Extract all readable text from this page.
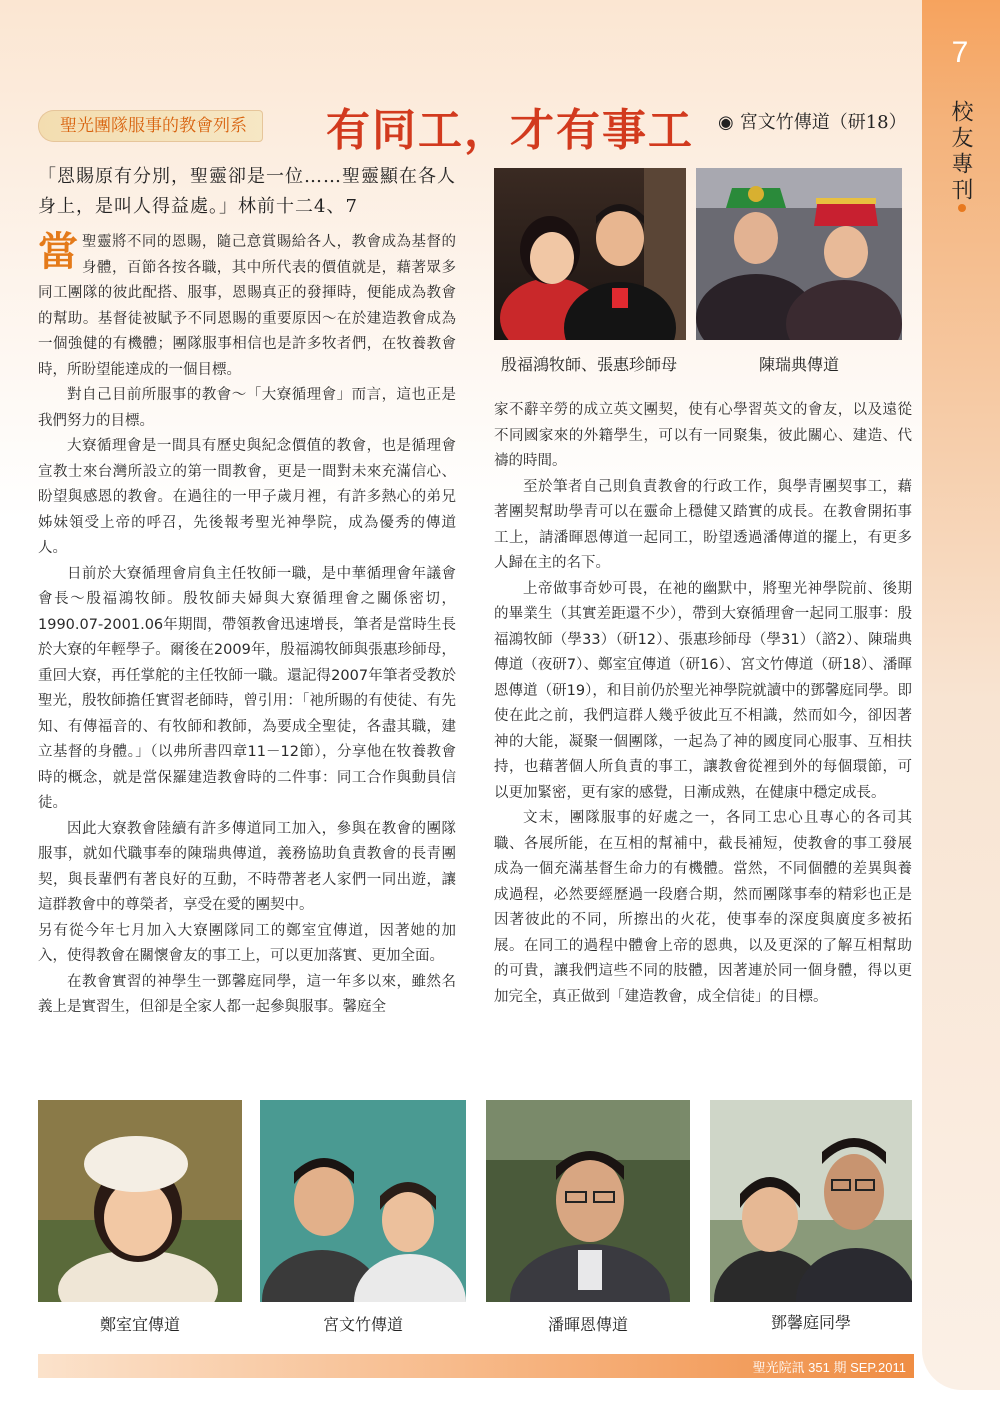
7
校友專刊
聖光團隊服事的教會列系	有同工，才有事工 ◉ 宮文竹傳道（研18）
「恩賜原有分別，聖靈卻是一位……聖靈顯在各人身上，是叫人得益處。」林前十二4、7
殷福鴻牧師、張惠珍師母	陳瑞典傳道

當聖靈將不同的恩賜，隨己意賞賜給各人，教會成為基督的身體，百節各按各職，其中所代表的價值就是，藉著眾多同工團隊的彼此配搭、服事，恩賜真正的發揮時，便能成為教會的幫助。基督徒被賦予不同恩賜的重要原因～在於建造教會成為一個強健的有機體；團隊服事相信也是許多牧者們，在牧養教會時，所盼望能達成的一個目標。

對自己目前所服事的教會～「大寮循理會」而言，這也正是我們努力的目標。

大寮循理會是一間具有歷史與紀念價值的教會，也是循理會宣教士來台灣所設立的第一間教會，更是一間對未來充滿信心、盼望與感恩的教會。在過往的一甲子歲月裡，有許多熱心的弟兄姊妹領受上帝的呼召，先後報考聖光神學院，成為優秀的傳道人。

日前於大寮循理會肩負主任牧師一職，是中華循理會年議會會長～殷福鴻牧師。殷牧師夫婦與大寮循理會之關係密切，1990.07-2001.06年期間，帶領教會迅速增長，筆者是當時生長於大寮的年輕學子。爾後在2009年，殷福鴻牧師與張惠珍師母，重回大寮，再任掌舵的主任牧師一職。還記得2007年筆者受教於聖光，殷牧師擔任實習老師時，曾引用：「祂所賜的有使徒、有先知、有傳福音的、有牧師和教師，為要成全聖徒，各盡其職，建立基督的身體。」（以弗所書四章11－12節），分享他在牧養教會時的概念，就是當保羅建造教會時的二件事：同工合作與動員信徒。

因此大寮教會陸續有許多傳道同工加入，參與在教會的團隊服事，就如代職事奉的陳瑞典傳道，義務協助負責教會的長青團契，與長輩們有著良好的互動，不時帶著老人家們一同出遊，讓這群教會中的尊榮者，享受在愛的團契中。

另有從今年七月加入大寮團隊同工的鄭室宜傳道，因著她的加入，使得教會在關懷會友的事工上，可以更加落實、更加全面。

在教會實習的神學生一鄧馨庭同學，這一年多以來，雖然名義上是實習生，但卻是全家人都一起參與服事。馨庭全

家不辭辛勞的成立英文團契，使有心學習英文的會友，以及遠從不同國家來的外籍學生，可以有一同聚集，彼此關心、建造、代禱的時間。

至於筆者自己則負責教會的行政工作，與學青團契事工，藉著團契幫助學青可以在靈命上穩健又踏實的成長。在教會開拓事工上，請潘暉恩傳道一起同工，盼望透過潘傳道的擺上，有更多人歸在主的名下。

上帝做事奇妙可畏，在祂的幽默中，將聖光神學院前、後期的畢業生（其實差距還不少），帶到大寮循理會一起同工服事：殷福鴻牧師（學33）（研12）、張惠珍師母（學31）（諮2）、陳瑞典傳道（夜研7）、鄭室宜傳道（研16）、宮文竹傳道（研18）、潘暉恩傳道（研19），和目前仍於聖光神學院就讀中的鄧馨庭同學。即使在此之前，我們這群人幾乎彼此互不相識，然而如今，卻因著神的大能，凝聚一個團隊，一起為了神的國度同心服事、互相扶持，也藉著個人所負責的事工，讓教會從裡到外的每個環節，可以更加緊密，更有家的感覺，日漸成熟，在健康中穩定成長。

文末，團隊服事的好處之一，各同工忠心且專心的各司其職、各展所能，在互相的幫補中，截長補短，使教會的事工發展成為一個充滿基督生命力的有機體。當然，不同個體的差異與養成過程，必然要經歷過一段磨合期，然而團隊事奉的精彩也正是因著彼此的不同，所擦出的火花，使事奉的深度與廣度多被拓展。在同工的過程中體會上帝的恩典，以及更深的了解互相幫助的可貴，讓我們這些不同的肢體，因著連於同一個身體，得以更加完全，真正做到「建造教會，成全信徒」的目標。

鄭室宜傳道	宮文竹傳道	潘暉恩傳道	鄧馨庭同學
聖光院訊 351 期 SEP.2011
